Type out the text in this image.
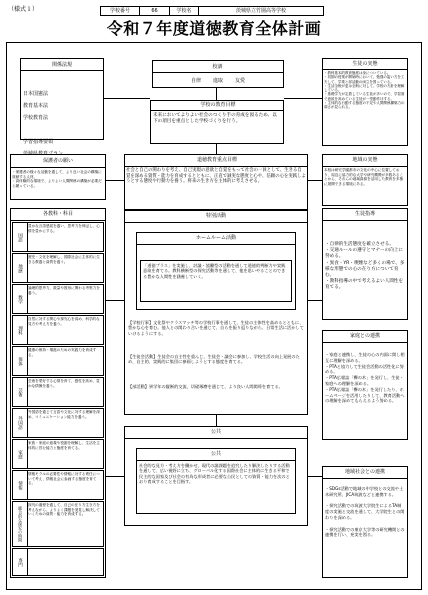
（様式１）	学校番号	66	学校名	茨城県立竹園高等学校
令和７年度道徳教育全体計画
関係法規

日本国憲法

教育基本法

学校教育法

学習指導要領

校訓
自律 進取 友愛
学校の教育目標
未来においてよりよい社会のつくり手の育成を図るため、以下の項目を重点とした学校づくりを行う。
生徒の実態
・教科基本的教育態度は身についている。
・初期の授業が開始時において、勉強の姿い方を工夫して、学業と部活動の両立を図っている。
・生活全般が更は全般に対して、学校の方針を理解している。
・基礎学力が定着している生徒が多いので、学習面で意欲を高めている生徒が一堂動作ほする。
・主体的な行動する態度の不足や人間関係構築力の弱さが見られる。
保護者の願い
・保護者の様々な活動を通して、より良い社会の構築に貢献する人材。
・高体験的な環境で、よりよい人間関係の構築が必要だと願っている。
道徳教育重点目標
社会と自己の関わりを考え、自己実現の意欲と自覚をもって社会の一員として、生きる自覚を深める資質・能力を育成するとともに、正直で誠実な態度と心や、信頼の心を実践しようとする態度や行動力を養う。将来の生き方を主体的に考えさせる。
地域の実態
本校は研究学園都市の文化の中心に位置しており、周辺に協力的な大学や研究機関が多数あることから、それらの地域資源を活用した教育を多様に展開できる環境にある。
各教科・科目
国語
豊かな言語感覚を養い、思考力を伸ばし、心情を豊かにする。
地歴
歴史・文化を理解し、国際社会に主体的に生きる教養と資質を養う。
数学
論理的思考力、数量や図形に関わる考察力を養う。
理科
自然に対する関心や探究心を高め、科学的な見方や考え方を養う。
保体
健康の保持・増進のための実践力を育成する。
芸術
芸術を愛好する心情を育て、感性を高め、豊かな情操を養う。
外国語
外国語を通じて言語や文化に対する理解を深め、コミュニケーション能力を養う。
家庭
家族・家庭の意義や役割を理解し、生活を主体的に営む能力と態度を育てる。
情報
情報モラルの必要性や情報に対する責任について考え、情報社会に参画する態度を育てる。
総合的な探究の時間
探究の過程を通して、自己の在り方生き方を考えながら、よりよく課題を発見し解決していくための資質・能力を育成する。
専門
特別活動
ホームルーム活動
「道徳プラス」を実施し、討議・協働型の活動を通して道徳的判断力や実践意欲を育てる。教科横断型の探究活動等を通して、他を思いやることのできる豊かな人間性を涵養していく。
【学校行事】文化祭やクラスマッチ等の学校行事を通して、生徒の主体性を高めるとともに、豊かな心を育む。他人との関わり合いを通じて、自らを振り返りながら、日常生活に活かしていけるようにする。
【生徒会活動】生徒会の自主性を重んじ、生徒会・議会に参加し、学校生活の向上発展のため、自主的、実践的に集団に参画しようとする態度を育てる。
【部活動】異学年の縦断的交流、切磋琢磨を通じて、より良い人間関係を育てる。
公共
公共
社会的な見方・考え方を働かせ、現代の諸課題を追究したり解決したりする活動を通して、広い視野に立ち、グローバル化する国際社会に主体的に生きる平和で民主的な国家及び社会の有為な形成者に必要な公民としての資質・能力を次のとおり育成することを目指す。
生徒指導
・自律的生活態度を確立させる。
・交通ルールの遵守とマナーの向上に努める。
・異食・YR・喫煙など多くの場で、多様な形態での心の在り方について育む。
・教科指導の中で考えるよい人間性を育てる。
家庭との連携
・家庭と連携し、生徒の心の内面に関し相互に理解を深める。
・PTAと協力して生徒会活動の活性化に努める。
・PTA広報誌「欅の木」を発行し、生徒・家庭への理解を深める。
・PTA広報誌「欅の木」を発行したり、ホームページを活用したりして、教育活動への理解を深めてもらえるよう努める。
地域社会との連携
・SDGs活動で地域の中学校との交流や土木研究所、JICA筑波などと連携する。

・探究活動での筑波大学院生によるTA制度の実施と交流を通して、大学院生との関わりを深める。

・探究活動での東京大学等の研究機関との連携を行い、充実を図る。
